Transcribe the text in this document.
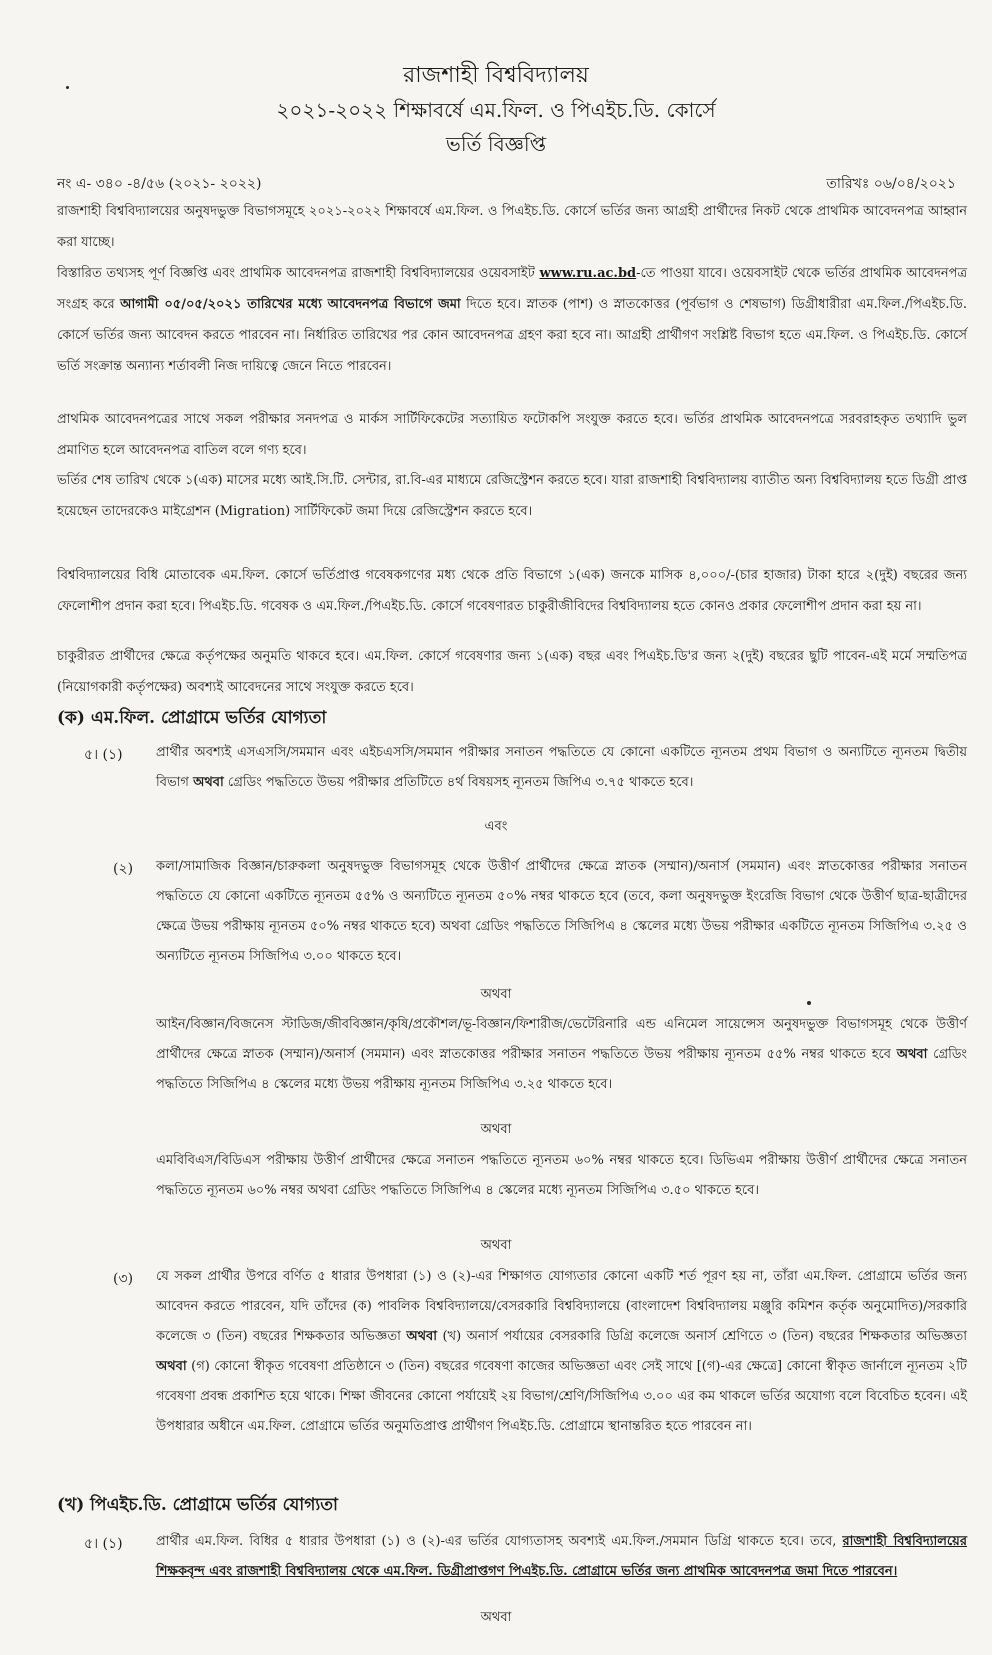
রাজশাহী বিশ্ববিদ্যালয়
২০২১-২০২২ শিক্ষাবর্ষে এম.ফিল. ও পিএইচ.ডি. কোর্সে
ভর্তি বিজ্ঞপ্তি
নং এ- ৩৪০ -৪/৫৬ (২০২১- ২০২২)	তারিখঃ ০৬/০৪/২০২১

রাজশাহী বিশ্ববিদ্যালয়ের অনুষদভুক্ত বিভাগসমূহে ২০২১-২০২২ শিক্ষাবর্ষে এম.ফিল. ও পিএইচ.ডি. কোর্সে ভর্তির জন্য আগ্রহী প্রার্থীদের নিকট থেকে প্রাথমিক আবেদনপত্র আহ্বান করা যাচ্ছে।

বিস্তারিত তথ্যসহ পূর্ণ বিজ্ঞপ্তি এবং প্রাথমিক আবেদনপত্র রাজশাহী বিশ্ববিদ্যালয়ের ওয়েবসাইট www.ru.ac.bd-তে পাওয়া যাবে। ওয়েবসাইট থেকে ভর্তির প্রাথমিক আবেদনপত্র সংগ্রহ করে আগামী ০৫/০৫/২০২১ তারিখের মধ্যে আবেদনপত্র বিভাগে জমা দিতে হবে। স্নাতক (পাশ) ও স্নাতকোত্তর (পূর্বভাগ ও শেষভাগ) ডিগ্রীধারীরা এম.ফিল./পিএইচ.ডি. কোর্সে ভর্তির জন্য আবেদন করতে পারবেন না। নির্ধারিত তারিখের পর কোন আবেদনপত্র গ্রহণ করা হবে না। আগ্রহী প্রার্থীগণ সংশ্লিষ্ট বিভাগ হতে এম.ফিল. ও পিএইচ.ডি. কোর্সে ভর্তি সংক্রান্ত অন্যান্য শর্তাবলী নিজ দায়িত্বে জেনে নিতে পারবেন।

প্রাথমিক আবেদনপত্রের সাথে সকল পরীক্ষার সনদপত্র ও মার্কস সার্টিফিকেটের সত্যায়িত ফটোকপি সংযুক্ত করতে হবে। ভর্তির প্রাথমিক আবেদনপত্রে সরবরাহকৃত তথ্যাদি ভুল প্রমাণিত হলে আবেদনপত্র বাতিল বলে গণ্য হবে।

ভর্তির শেষ তারিখ থেকে ১(এক) মাসের মধ্যে আই.সি.টি. সেন্টার, রা.বি-এর মাধ্যমে রেজিস্ট্রেশন করতে হবে। যারা রাজশাহী বিশ্ববিদ্যালয় ব্যাতীত অন্য বিশ্ববিদ্যালয় হতে ডিগ্রী প্রাপ্ত হয়েছেন তাদেরকেও মাইগ্রেশন (Migration) সার্টিফিকেট জমা দিয়ে রেজিস্ট্রেশন করতে হবে।

বিশ্ববিদ্যালয়ের বিধি মোতাবেক এম.ফিল. কোর্সে ভর্তিপ্রাপ্ত গবেষকগণের মধ্য থেকে প্রতি বিভাগে ১(এক) জনকে মাসিক ৪,০০০/-(চার হাজার) টাকা হারে ২(দুই) বছরের জন্য ফেলোশীপ প্রদান করা হবে। পিএইচ.ডি. গবেষক ও এম.ফিল./পিএইচ.ডি. কোর্সে গবেষণারত চাকুরীজীবিদের বিশ্ববিদ্যালয় হতে কোনও প্রকার ফেলোশীপ প্রদান করা হয় না।

চাকুরীরত প্রার্থীদের ক্ষেত্রে কর্তৃপক্ষের অনুমতি থাকবে হবে। এম.ফিল. কোর্সে গবেষণার জন্য ১(এক) বছর এবং পিএইচ.ডি'র জন্য ২(দুই) বছরের ছুটি পাবেন-এই মর্মে সম্মতিপত্র (নিয়োগকারী কর্তৃপক্ষের) অবশ্যই আবেদনের সাথে সংযুক্ত করতে হবে।

(ক) এম.ফিল. প্রোগ্রামে ভর্তির যোগ্যতা
৫। (১)	প্রার্থীর অবশ্যই এসএসসি/সমমান এবং এইচএসসি/সমমান পরীক্ষার সনাতন পদ্ধতিতে যে কোনো একটিতে ন্যূনতম প্রথম বিভাগ ও অন্যটিতে ন্যূনতম দ্বিতীয় বিভাগ অথবা গ্রেডিং পদ্ধতিতে উভয় পরীক্ষার প্রতিটিতে ৪র্থ বিষয়সহ ন্যূনতম জিপিএ ৩.৭৫ থাকতে হবে।

এবং
(২) কলা/সামাজিক বিজ্ঞান/চারুকলা অনুষদভুক্ত বিভাগসমূহ থেকে উত্তীর্ণ প্রার্থীদের ক্ষেত্রে স্নাতক (সম্মান)/অনার্স (সমমান) এবং স্নাতকোত্তর পরীক্ষার সনাতন পদ্ধতিতে যে কোনো একটিতে ন্যূনতম ৫৫% ও অন্যটিতে ন্যূনতম ৫০% নম্বর থাকতে হবে (তবে, কলা অনুষদভুক্ত ইংরেজি বিভাগ থেকে উত্তীর্ণ ছাত্র-ছাত্রীদের ক্ষেত্রে উভয় পরীক্ষায় ন্যূনতম ৫০% নম্বর থাকতে হবে) অথবা গ্রেডিং পদ্ধতিতে সিজিপিএ ৪ স্কেলের মধ্যে উভয় পরীক্ষার একটিতে ন্যূনতম সিজিপিএ ৩.২৫ ও অন্যটিতে ন্যূনতম সিজিপিএ ৩.০০ থাকতে হবে।

অথবা

আইন/বিজ্ঞান/বিজনেস স্টাডিজ/জীববিজ্ঞান/কৃষি/প্রকৌশল/ভূ-বিজ্ঞান/ফিশারীজ/ভেটেরিনারি এন্ড এনিমেল সায়েন্সেস অনুষদভুক্ত বিভাগসমূহ থেকে উত্তীর্ণ প্রার্থীদের ক্ষেত্রে স্নাতক (সম্মান)/অনার্স (সমমান) এবং স্নাতকোত্তর পরীক্ষার সনাতন পদ্ধতিতে উভয় পরীক্ষায় ন্যূনতম ৫৫% নম্বর থাকতে হবে অথবা গ্রেডিং পদ্ধতিতে সিজিপিএ ৪ স্কেলের মধ্যে উভয় পরীক্ষায় ন্যূনতম সিজিপিএ ৩.২৫ থাকতে হবে।

অথবা

এমবিবিএস/বিডিএস পরীক্ষায় উত্তীর্ণ প্রার্থীদের ক্ষেত্রে সনাতন পদ্ধতিতে ন্যূনতম ৬০% নম্বর থাকতে হবে। ডিভিএম পরীক্ষায় উত্তীর্ণ প্রার্থীদের ক্ষেত্রে সনাতন পদ্ধতিতে ন্যূনতম ৬০% নম্বর অথবা গ্রেডিং পদ্ধতিতে সিজিপিএ ৪ স্কেলের মধ্যে ন্যূনতম সিজিপিএ ৩.৫০ থাকতে হবে।

অথবা
(৩) যে সকল প্রার্থীর উপরে বর্ণিত ৫ ধারার উপধারা (১) ও (২)-এর শিক্ষাগত যোগ্যতার কোনো একটি শর্ত পূরণ হয় না, তাঁরা এম.ফিল. প্রোগ্রামে ভর্তির জন্য আবেদন করতে পারবেন, যদি তাঁদের (ক) পাবলিক বিশ্ববিদ্যালয়ে/বেসরকারি বিশ্ববিদ্যালয়ে (বাংলাদেশ বিশ্ববিদ্যালয় মঞ্জুরি কমিশন কর্তৃক অনুমোদিত)/সরকারি কলেজে ৩ (তিন) বছরের শিক্ষকতার অভিজ্ঞতা অথবা (খ) অনার্স পর্যায়ের বেসরকারি ডিগ্রি কলেজে অনার্স শ্রেণিতে ৩ (তিন) বছরের শিক্ষকতার অভিজ্ঞতা অথবা (গ) কোনো স্বীকৃত গবেষণা প্রতিষ্ঠানে ৩ (তিন) বছরের গবেষণা কাজের অভিজ্ঞতা এবং সেই সাথে [(গ)-এর ক্ষেত্রে] কোনো স্বীকৃত জার্নালে ন্যূনতম ২টি গবেষণা প্রবন্ধ প্রকাশিত হয়ে থাকে। শিক্ষা জীবনের কোনো পর্যায়েই ২য় বিভাগ/শ্রেণি/সিজিপিএ ৩.০০ এর কম থাকলে ভর্তির অযোগ্য বলে বিবেচিত হবেন। এই উপধারার অধীনে এম.ফিল. প্রোগ্রামে ভর্তির অনুমতিপ্রাপ্ত প্রার্থীগণ পিএইচ.ডি. প্রোগ্রামে স্থানান্তরিত হতে পারবেন না।

(খ) পিএইচ.ডি. প্রোগ্রামে ভর্তির যোগ্যতা
৫। (১)	প্রার্থীর এম.ফিল. বিধির ৫ ধারার উপধারা (১) ও (২)-এর ভর্তির যোগ্যতাসহ অবশ্যই এম.ফিল./সমমান ডিগ্রি থাকতে হবে। তবে, রাজশাহী বিশ্ববিদ্যালয়ের শিক্ষকবৃন্দ এবং রাজশাহী বিশ্ববিদ্যালয় থেকে এম.ফিল. ডিগ্রীপ্রাপ্তগণ পিএইচ.ডি. প্রোগ্রামে ভর্তির জন্য প্রাথমিক আবেদনপত্র জমা দিতে পারবেন।

অথবা
